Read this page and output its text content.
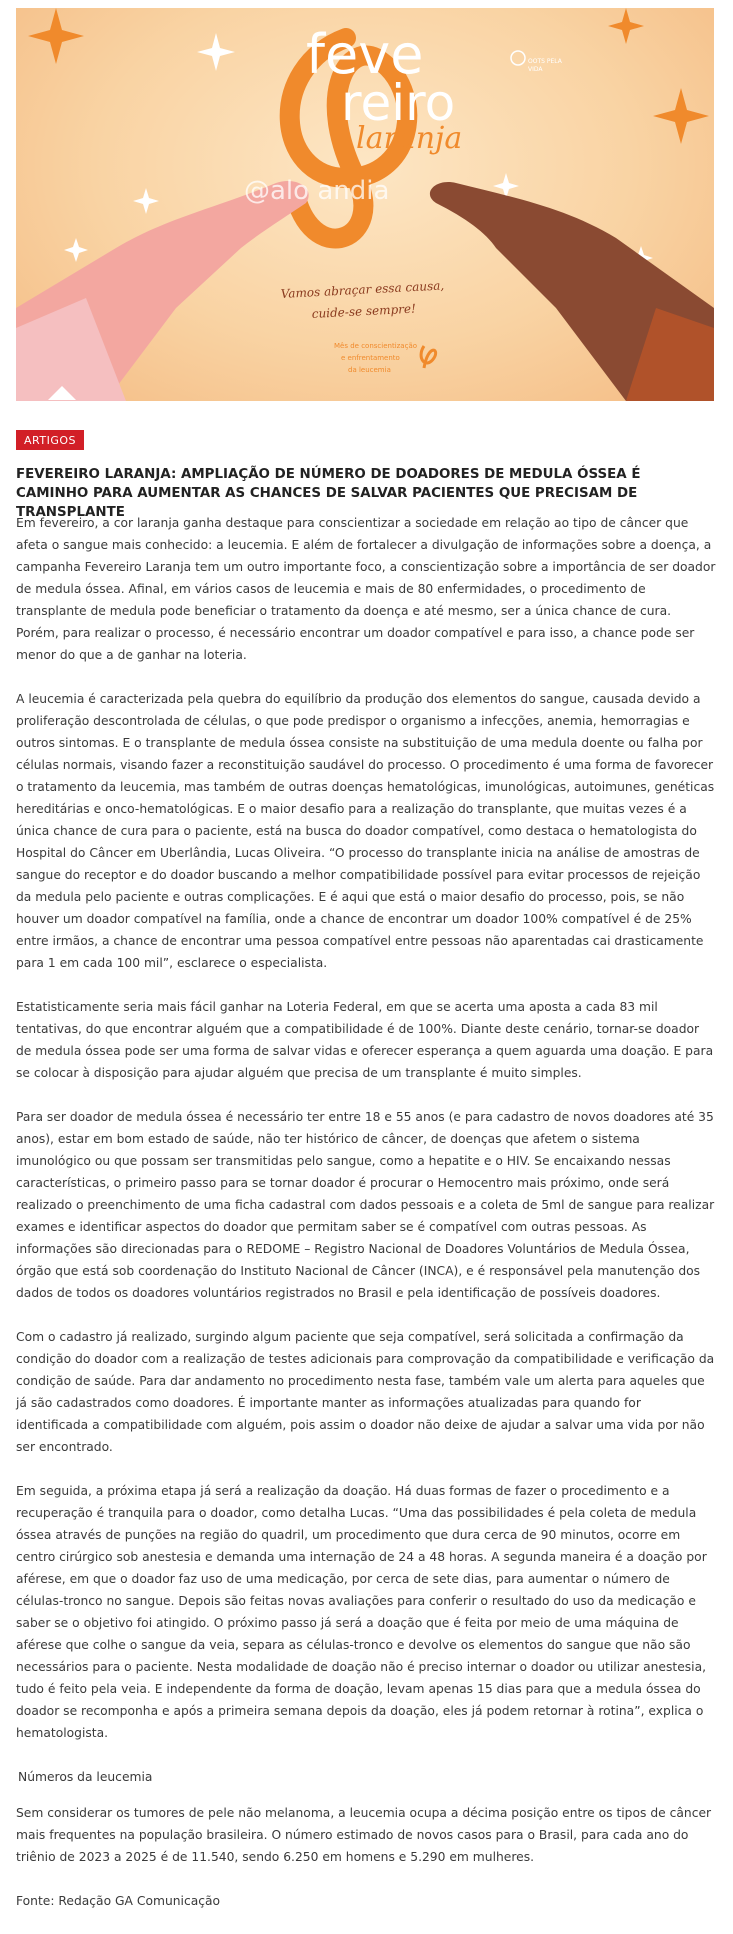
feve
reiro
laranja
OOTS PELA
VIDA
@alo andia
Vamos abraçar essa causa,
cuide-se sempre!
Mês de conscientização
e enfrentamento
da leucemia
ARTIGOS
FEVEREIRO LARANJA: AMPLIAÇÃO DE NÚMERO DE DOADORES DE MEDULA ÓSSEA É CAMINHO PARA AUMENTAR AS CHANCES DE SALVAR PACIENTES QUE PRECISAM DE TRANSPLANTE

Em fevereiro, a cor laranja ganha destaque para conscientizar a sociedade em relação ao tipo de câncer que afeta o sangue mais conhecido: a leucemia. E além de fortalecer a divulgação de informações sobre a doença, a campanha Fevereiro Laranja tem um outro importante foco, a conscientização sobre a importância de ser doador de medula óssea. Afinal, em vários casos de leucemia e mais de 80 enfermidades, o procedimento de transplante de medula pode beneficiar o tratamento da doença e até mesmo, ser a única chance de cura. Porém, para realizar o processo, é necessário encontrar um doador compatível e para isso, a chance pode ser menor do que a de ganhar na loteria.

A leucemia é caracterizada pela quebra do equilíbrio da produção dos elementos do sangue, causada devido a proliferação descontrolada de células, o que pode predispor o organismo a infecções, anemia, hemorragias e outros sintomas. E o transplante de medula óssea consiste na substituição de uma medula doente ou falha por células normais, visando fazer a reconstituição saudável do processo. O procedimento é uma forma de favorecer o tratamento da leucemia, mas também de outras doenças hematológicas, imunológicas, autoimunes, genéticas hereditárias e onco-hematológicas. E o maior desafio para a realização do transplante, que muitas vezes é a única chance de cura para o paciente, está na busca do doador compatível, como destaca o hematologista do Hospital do Câncer em Uberlândia, Lucas Oliveira. “O processo do transplante inicia na análise de amostras de sangue do receptor e do doador buscando a melhor compatibilidade possível para evitar processos de rejeição da medula pelo paciente e outras complicações. E é aqui que está o maior desafio do processo, pois, se não houver um doador compatível na família, onde a chance de encontrar um doador 100% compatível é de 25% entre irmãos, a chance de encontrar uma pessoa compatível entre pessoas não aparentadas cai drasticamente para 1 em cada 100 mil”, esclarece o especialista.

Estatisticamente seria mais fácil ganhar na Loteria Federal, em que se acerta uma aposta a cada 83 mil tentativas, do que encontrar alguém que a compatibilidade é de 100%. Diante deste cenário, tornar-se doador de medula óssea pode ser uma forma de salvar vidas e oferecer esperança a quem aguarda uma doação. E para se colocar à disposição para ajudar alguém que precisa de um transplante é muito simples.

Para ser doador de medula óssea é necessário ter entre 18 e 55 anos (e para cadastro de novos doadores até 35 anos), estar em bom estado de saúde, não ter histórico de câncer, de doenças que afetem o sistema imunológico ou que possam ser transmitidas pelo sangue, como a hepatite e o HIV. Se encaixando nessas características, o primeiro passo para se tornar doador é procurar o Hemocentro mais próximo, onde será realizado o preenchimento de uma ficha cadastral com dados pessoais e a coleta de 5ml de sangue para realizar exames e identificar aspectos do doador que permitam saber se é compatível com outras pessoas. As informações são direcionadas para o REDOME – Registro Nacional de Doadores Voluntários de Medula Óssea, órgão que está sob coordenação do Instituto Nacional de Câncer (INCA), e é responsável pela manutenção dos dados de todos os doadores voluntários registrados no Brasil e pela identificação de possíveis doadores.

Com o cadastro já realizado, surgindo algum paciente que seja compatível, será solicitada a confirmação da condição do doador com a realização de testes adicionais para comprovação da compatibilidade e verificação da condição de saúde. Para dar andamento no procedimento nesta fase, também vale um alerta para aqueles que já são cadastrados como doadores. É importante manter as informações atualizadas para quando for identificada a compatibilidade com alguém, pois assim o doador não deixe de ajudar a salvar uma vida por não ser encontrado.

Em seguida, a próxima etapa já será a realização da doação. Há duas formas de fazer o procedimento e a recuperação é tranquila para o doador, como detalha Lucas. “Uma das possibilidades é pela coleta de medula óssea através de punções na região do quadril, um procedimento que dura cerca de 90 minutos, ocorre em centro cirúrgico sob anestesia e demanda uma internação de 24 a 48 horas. A segunda maneira é a doação por aférese, em que o doador faz uso de uma medicação, por cerca de sete dias, para aumentar o número de células-tronco no sangue. Depois são feitas novas avaliações para conferir o resultado do uso da medicação e saber se o objetivo foi atingido. O próximo passo já será a doação que é feita por meio de uma máquina de aférese que colhe o sangue da veia, separa as células-tronco e devolve os elementos do sangue que não são necessários para o paciente. Nesta modalidade de doação não é preciso internar o doador ou utilizar anestesia, tudo é feito pela veia. E independente da forma de doação, levam apenas 15 dias para que a medula óssea do doador se recomponha e após a primeira semana depois da doação, eles já podem retornar à rotina”, explica o hematologista.

Números da leucemia

Sem considerar os tumores de pele não melanoma, a leucemia ocupa a décima posição entre os tipos de câncer mais frequentes na população brasileira. O número estimado de novos casos para o Brasil, para cada ano do triênio de 2023 a 2025 é de 11.540, sendo 6.250 em homens e 5.290 em mulheres.

Fonte: Redação GA Comunicação
